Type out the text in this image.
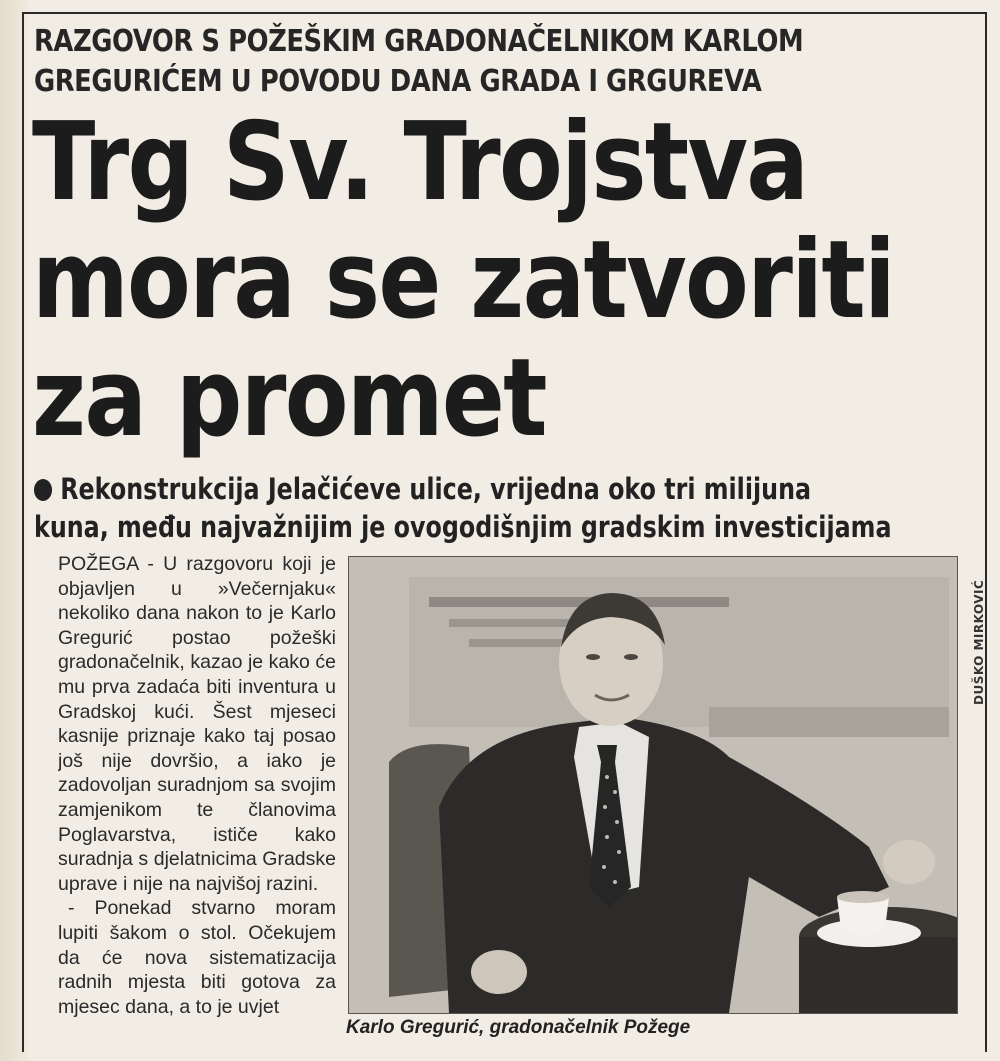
RAZGOVOR S POŽEŠKIM GRADONAČELNIKOM KARLOM
GREGURIĆEM U POVODU DANA GRADA I GRGUREVA
Trg Sv. Trojstva
mora se zatvoriti
za promet
Rekonstrukcija Jelačićeve ulice, vrijedna oko tri milijuna
kuna, među najvažnijim je ovogodišnjim gradskim investicijama

POŽEGA - U razgovoru koji je objavljen u »Večernjaku« nekoliko dana nakon to je Karlo Gregurić postao požeški gradonačelnik, kazao je kako će mu prva zadaća biti inventura u Gradskoj kući. Šest mjeseci kasnije priznaje kako taj posao još nije dovršio, a iako je zadovoljan suradnjom sa svojim zamjenikom te članovima Poglavarstva, ističe kako suradnja s djelatnicima Gradske uprave i nije na najvišoj razini.

- Ponekad stvarno moram lupiti šakom o stol. Očekujem da će nova sistematizacija radnih mjesta biti gotova za mjesec dana, a to je uvjet

DUŠKO MIRKOVIĆ
Karlo Gregurić, gradonačelnik Požege
